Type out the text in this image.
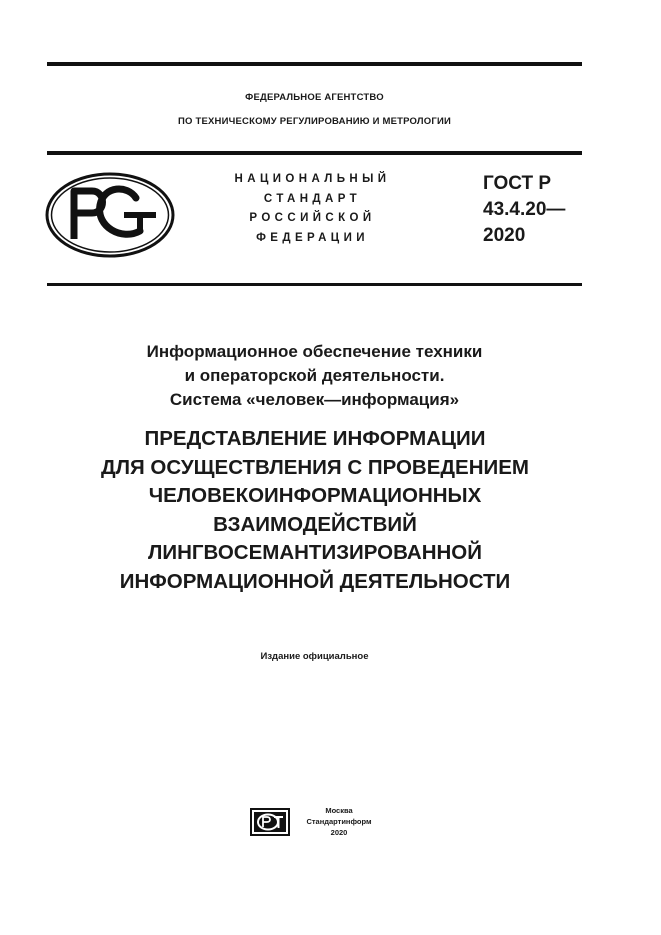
ФЕДЕРАЛЬНОЕ АГЕНТСТВО
ПО ТЕХНИЧЕСКОМУ РЕГУЛИРОВАНИЮ И МЕТРОЛОГИИ
НАЦИОНАЛЬНЫЙ
СТАНДАРТ
РОССИЙСКОЙ
ФЕДЕРАЦИИ
ГОСТ Р
43.4.20—
2020
Информационное обеспечение техники
и операторской деятельности.
Система «человек—информация»
ПРЕДСТАВЛЕНИЕ ИНФОРМАЦИИ
ДЛЯ ОСУЩЕСТВЛЕНИЯ С ПРОВЕДЕНИЕМ
ЧЕЛОВЕКОИНФОРМАЦИОННЫХ
ВЗАИМОДЕЙСТВИЙ
ЛИНГВОСЕМАНТИЗИРОВАННОЙ
ИНФОРМАЦИОННОЙ ДЕЯТЕЛЬНОСТИ
Издание официальное
Москва
Стандартинформ
2020
